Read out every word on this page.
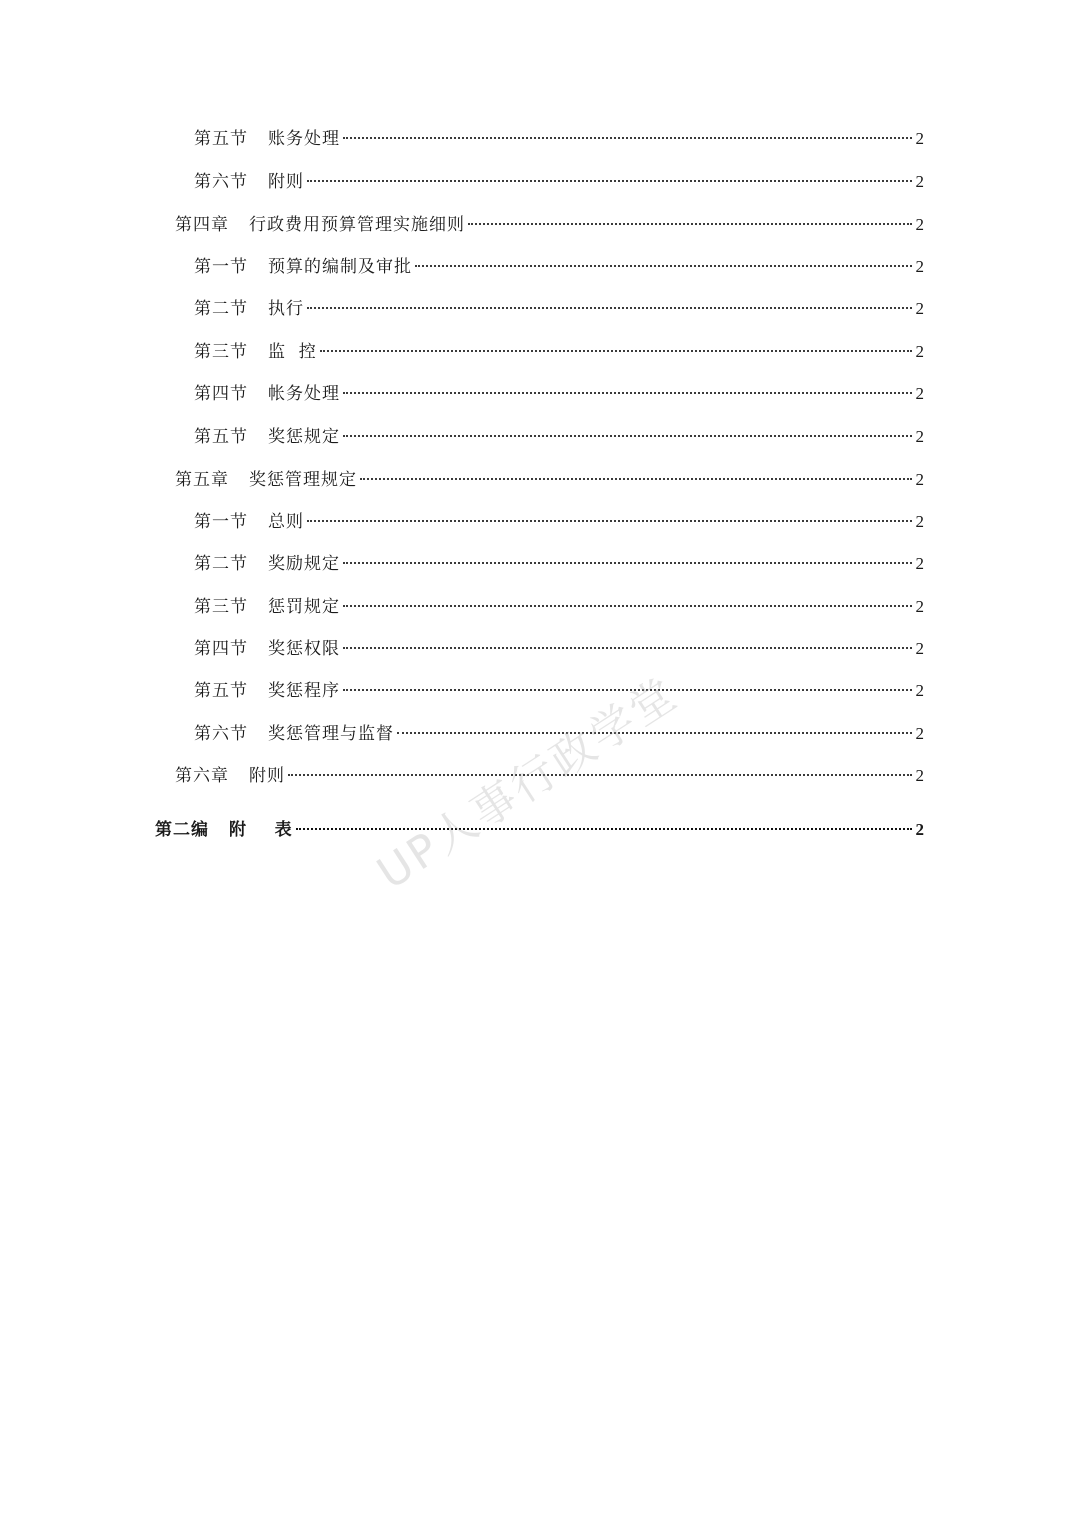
第五节 账务处理	2
第六节 附则	2
第四章 行政费用预算管理实施细则	2
第一节 预算的编制及审批	2
第二节 执行	2
第三节 监  控	2
第四节 帐务处理	2
第五节 奖惩规定	2
第五章 奖惩管理规定	2
第一节 总则	2
第二节 奖励规定	2
第三节 惩罚规定	2
第四节 奖惩权限	2
第五节 奖惩程序	2
第六节 奖惩管理与监督	2
第六章 附则	2
第二编 附    表	2
UP人事行政学堂
